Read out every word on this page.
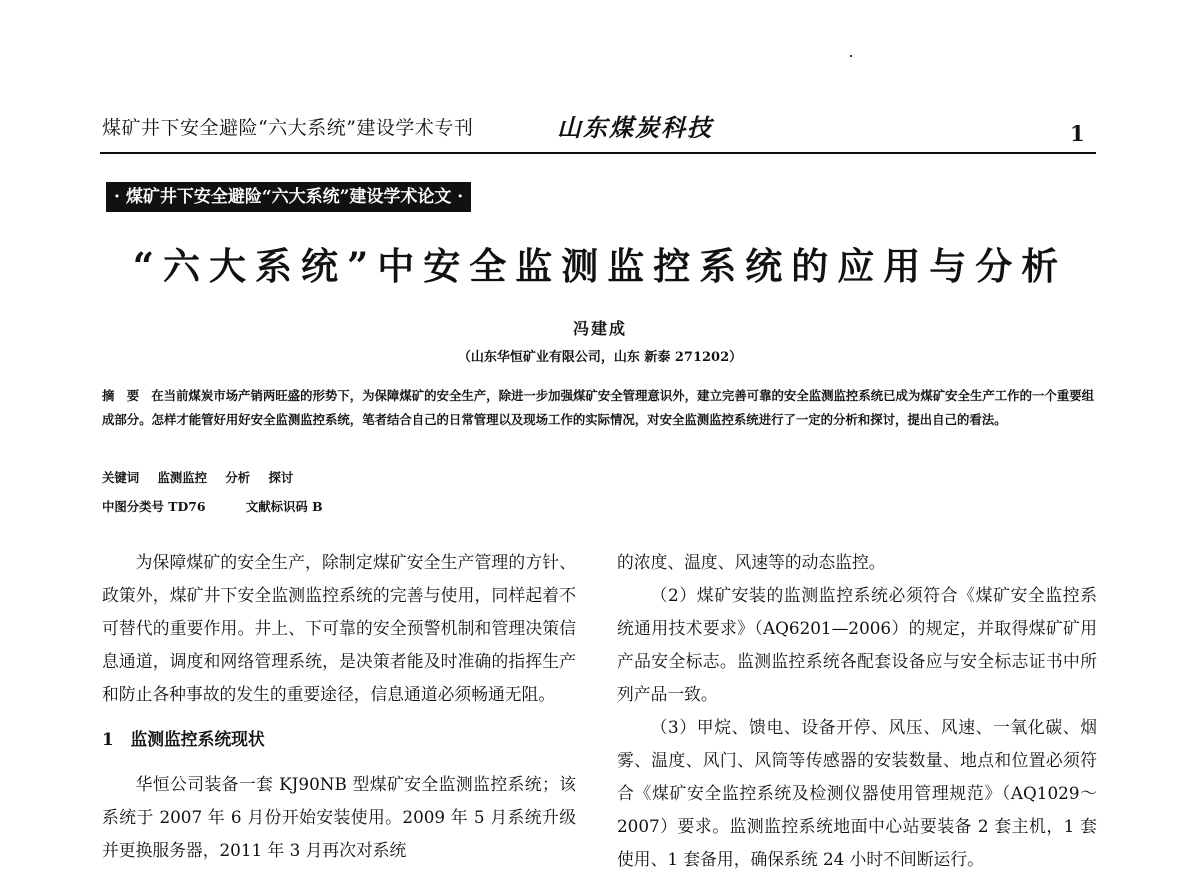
煤矿井下安全避险“六大系统”建设学术专刊	山东煤炭科技	1
· 煤矿井下安全避险“六大系统”建设学术论文 ·
“六大系统”中安全监测监控系统的应用与分析
冯建成
（山东华恒矿业有限公司，山东 新泰 271202）
摘　要 在当前煤炭市场产销两旺盛的形势下，为保障煤矿的安全生产，除进一步加强煤矿安全管理意识外，建立完善可靠的安全监测监控系统已成为煤矿安全生产工作的一个重要组成部分。怎样才能管好用好安全监测监控系统，笔者结合自己的日常管理以及现场工作的实际情况，对安全监测监控系统进行了一定的分析和探讨，提出自己的看法。
关键词 监测监控 分析 探讨
中图分类号 TD76	文献标识码 B

为保障煤矿的安全生产，除制定煤矿安全生产管理的方针、政策外，煤矿井下安全监测监控系统的完善与使用，同样起着不可替代的重要作用。井上、下可靠的安全预警机制和管理决策信息通道，调度和网络管理系统，是决策者能及时准确的指挥生产和防止各种事故的发生的重要途径，信息通道必须畅通无阻。

1　监测监控系统现状

华恒公司装备一套 KJ90NB 型煤矿安全监测监控系统；该系统于 2007 年 6 月份开始安装使用。2009 年 5 月系统升级并更换服务器，2011 年 3 月再次对系统

的浓度、温度、风速等的动态监控。

（2）煤矿安装的监测监控系统必须符合《煤矿安全监控系统通用技术要求》（AQ6201—2006）的规定，并取得煤矿矿用产品安全标志。监测监控系统各配套设备应与安全标志证书中所列产品一致。

（3）甲烷、馈电、设备开停、风压、风速、一氧化碳、烟雾、温度、风门、风筒等传感器的安装数量、地点和位置必须符合《煤矿安全监控系统及检测仪器使用管理规范》（AQ1029～2007）要求。监测监控系统地面中心站要装备 2 套主机，1 套使用、1 套备用，确保系统 24 小时不间断运行。
